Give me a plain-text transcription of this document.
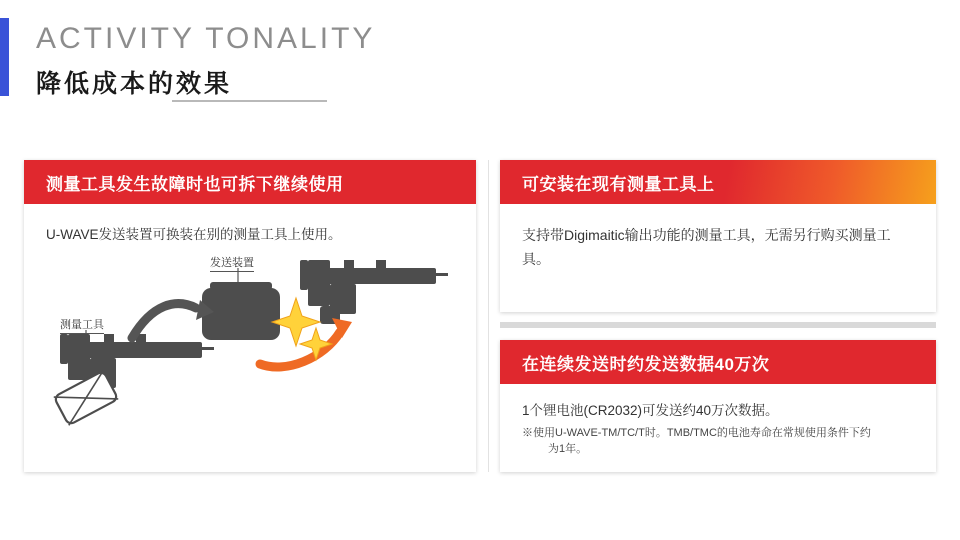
ACTIVITY TONALITY
降低成本的效果
测量工具发生故障时也可拆下继续使用
U-WAVE发送装置可换装在别的测量工具上使用。
发送装置
测量工具
可安装在现有测量工具上
支持带Digimaitic输出功能的测量工具，无需另行购买测量工具。
在连续发送时约发送数据40万次
1个锂电池(CR2032)可发送约40万次数据。
※使用U-WAVE-TM/TC/T时。TMB/TMC的电池寿命在常规使用条件下约
为1年。
